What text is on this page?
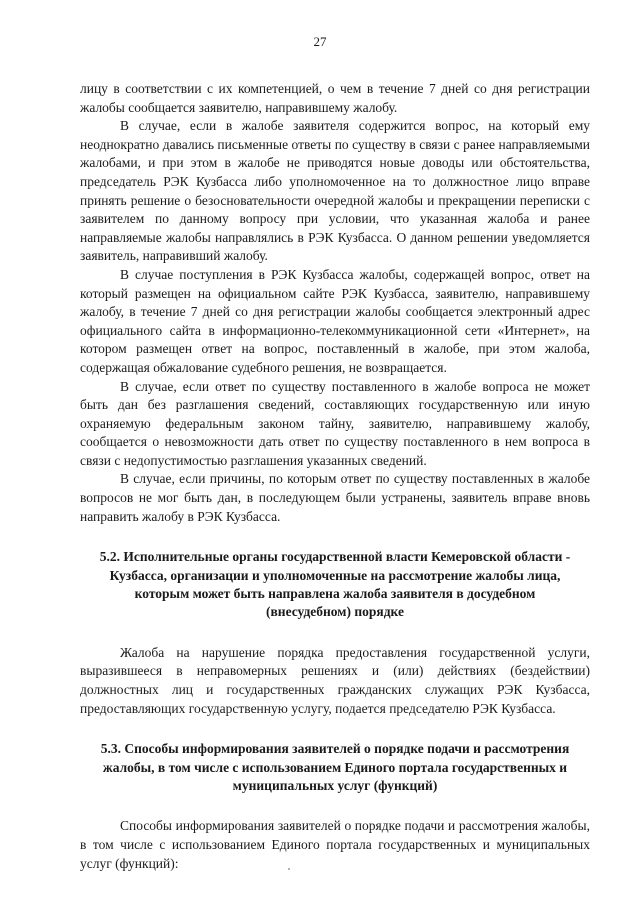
27

лицу в соответствии с их компетенцией, о чем в течение 7 дней со дня регистрации жалобы сообщается заявителю, направившему жалобу.

В случае, если в жалобе заявителя содержится вопрос, на который ему неоднократно давались письменные ответы по существу в связи с ранее направляемыми жалобами, и при этом в жалобе не приводятся новые доводы или обстоятельства, председатель РЭК Кузбасса либо уполномоченное на то должностное лицо вправе принять решение о безосновательности очередной жалобы и прекращении переписки с заявителем по данному вопросу при условии, что указанная жалоба и ранее направляемые жалобы направлялись в РЭК Кузбасса. О данном решении уведомляется заявитель, направивший жалобу.

В случае поступления в РЭК Кузбасса жалобы, содержащей вопрос, ответ на который размещен на официальном сайте РЭК Кузбасса, заявителю, направившему жалобу, в течение 7 дней со дня регистрации жалобы сообщается электронный адрес официального сайта в информационно-телекоммуникационной сети «Интернет», на котором размещен ответ на вопрос, поставленный в жалобе, при этом жалоба, содержащая обжалование судебного решения, не возвращается.

В случае, если ответ по существу поставленного в жалобе вопроса не может быть дан без разглашения сведений, составляющих государственную или иную охраняемую федеральным законом тайну, заявителю, направившему жалобу, сообщается о невозможности дать ответ по существу поставленного в нем вопроса в связи с недопустимостью разглашения указанных сведений.

В случае, если причины, по которым ответ по существу поставленных в жалобе вопросов не мог быть дан, в последующем были устранены, заявитель вправе вновь направить жалобу в РЭК Кузбасса.

5.2. Исполнительные органы государственной власти Кемеровской области - Кузбасса, организации и уполномоченные на рассмотрение жалобы лица, которым может быть направлена жалоба заявителя в досудебном (внесудебном) порядке

Жалоба на нарушение порядка предоставления государственной услуги, выразившееся в неправомерных решениях и (или) действиях (бездействии) должностных лиц и государственных гражданских служащих РЭК Кузбасса, предоставляющих государственную услугу, подается председателю РЭК Кузбасса.

5.3. Способы информирования заявителей о порядке подачи и рассмотрения жалобы, в том числе с использованием Единого портала государственных и муниципальных услуг (функций)

Способы информирования заявителей о порядке подачи и рассмотрения жалобы, в том числе с использованием Единого портала государственных и муниципальных услуг (функций):
